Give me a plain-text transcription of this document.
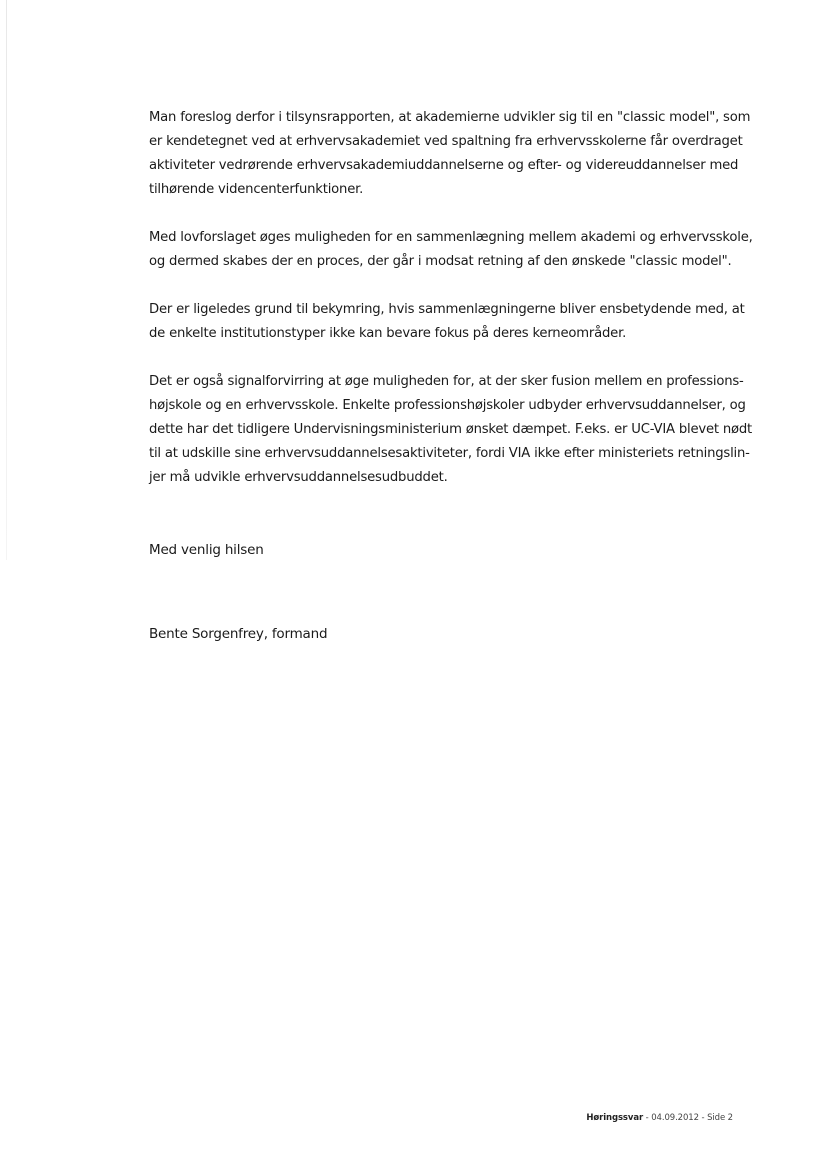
Man foreslog derfor i tilsynsrapporten, at akademierne udvikler sig til en "classic model", som
er kendetegnet ved at erhvervsakademiet ved spaltning fra erhvervsskolerne får overdraget
aktiviteter vedrørende erhvervsakademiuddannelserne og efter- og videreuddannelser med
tilhørende videncenterfunktioner.

Med lovforslaget øges muligheden for en sammenlægning mellem akademi og erhvervsskole,
og dermed skabes der en proces, der går i modsat retning af den ønskede "classic model".

Der er ligeledes grund til bekymring, hvis sammenlægningerne bliver ensbetydende med, at
de enkelte institutionstyper ikke kan bevare fokus på deres kerneområder.

Det er også signalforvirring at øge muligheden for, at der sker fusion mellem en professions-
højskole og en erhvervsskole. Enkelte professionshøjskoler udbyder erhvervsuddannelser, og
dette har det tidligere Undervisningsministerium ønsket dæmpet. F.eks. er UC-VIA blevet nødt
til at udskille sine erhvervsuddannelsesaktiviteter, fordi VIA ikke efter ministeriets retningslin-
jer må udvikle erhvervsuddannelsesudbuddet.

Med venlig hilsen
Bente Sorgenfrey, formand
Høringssvar - 04.09.2012 - Side 2
